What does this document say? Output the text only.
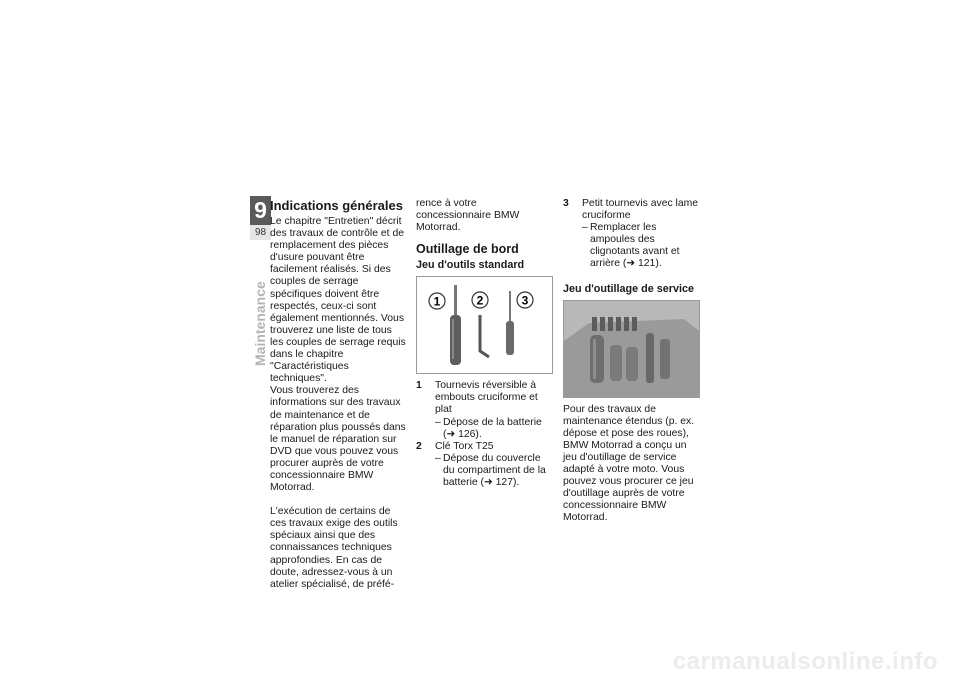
9
98
Maintenance
Indications générales

Le chapitre "Entretien" décrit des travaux de contrôle et de remplacement des pièces d'usure pouvant être facilement réalisés. Si des couples de serrage spécifiques doivent être respectés, ceux-ci sont également mentionnés. Vous trouverez une liste de tous les couples de serrage requis dans le chapitre "Caractéristiques techniques".

Vous trouverez des informations sur des travaux de maintenance et de réparation plus poussés dans le manuel de réparation sur DVD que vous pouvez vous procurer auprès de votre concessionnaire BMW Motorrad.

L'exécution de certains de ces travaux exige des outils spéciaux ainsi que des connaissances techniques approfondies. En cas de doute, adressez-vous à un atelier spécialisé, de préfé-

rence à votre concessionnaire BMW Motorrad.

Outillage de bord
Jeu d'outils standard
1	2	3
1	Tournevis réversible à embouts cruciforme et plat
– Dépose de la batterie
(➜ 126).
2	Clé Torx T25
– Dépose du couvercle du compartiment de la batterie (➜ 127).
3	Petit tournevis avec lame cruciforme
– Remplacer les ampoules des clignotants avant et arrière (➜ 121).
Jeu d'outillage de service

Pour des travaux de maintenance étendus (p. ex. dépose et pose des roues), BMW Motorrad a conçu un jeu d'outillage de service adapté à votre moto. Vous pouvez vous procurer ce jeu d'outillage auprès de votre concessionnaire BMW Motorrad.

carmanualsonline.info
